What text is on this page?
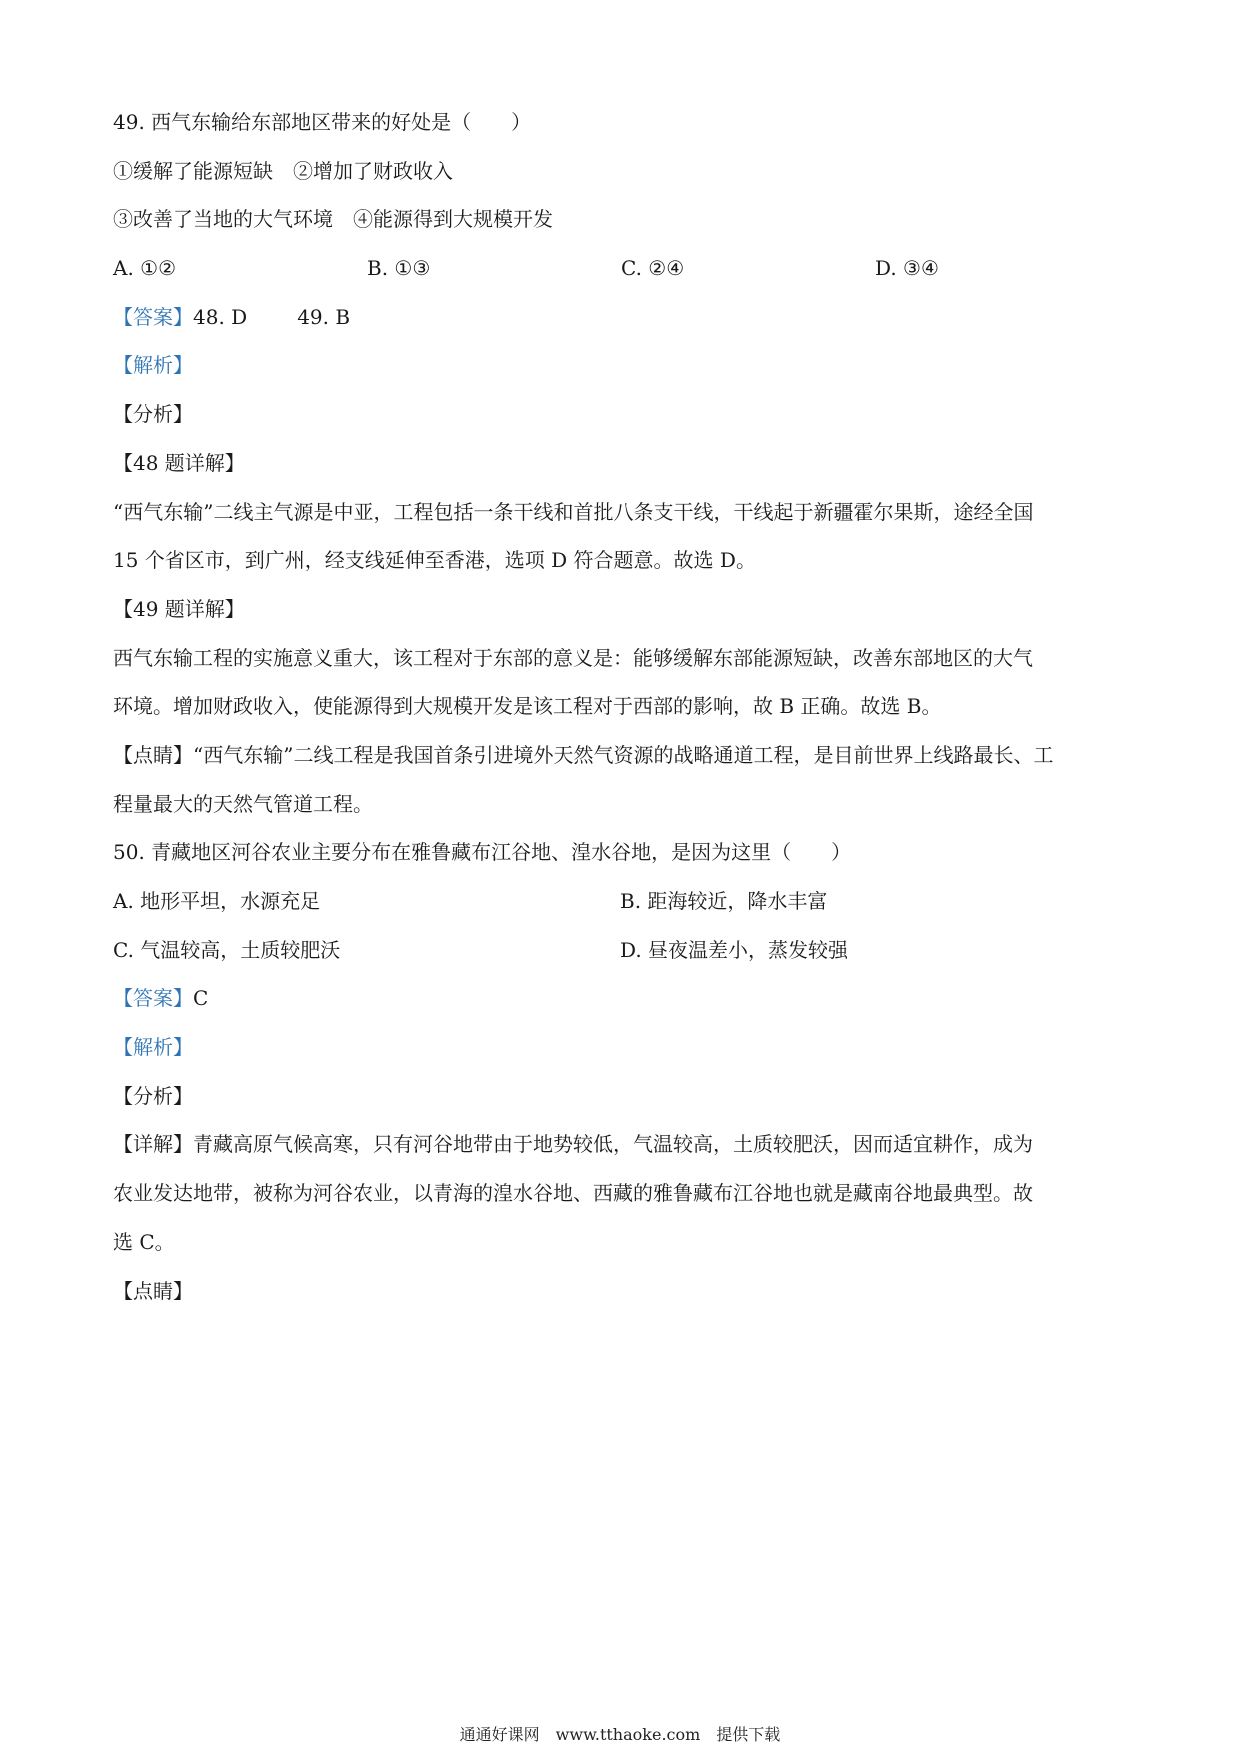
49. 西气东输给东部地区带来的好处是（　　）
①缓解了能源短缺　②增加了财政收入
③改善了当地的大气环境　④能源得到大规模开发
A. ①②	B. ①③	C. ②④	D. ③④
【答案】48. D	49. B
【解析】
【分析】
【48 题详解】
“西气东输”二线主气源是中亚，工程包括一条干线和首批八条支干线，干线起于新疆霍尔果斯，途经全国
15 个省区市，到广州，经支线延伸至香港，选项 D 符合题意。故选 D。
【49 题详解】
西气东输工程的实施意义重大，该工程对于东部的意义是：能够缓解东部能源短缺，改善东部地区的大气
环境。增加财政收入，使能源得到大规模开发是该工程对于西部的影响，故 B 正确。故选 B。
【点睛】“西气东输”二线工程是我国首条引进境外天然气资源的战略通道工程，是目前世界上线路最长、工
程量最大的天然气管道工程。
50. 青藏地区河谷农业主要分布在雅鲁藏布江谷地、湟水谷地，是因为这里（　　）
A. 地形平坦，水源充足	B. 距海较近，降水丰富
C. 气温较高，土质较肥沃	D. 昼夜温差小，蒸发较强
【答案】C
【解析】
【分析】
【详解】青藏高原气候高寒，只有河谷地带由于地势较低，气温较高，土质较肥沃，因而适宜耕作，成为
农业发达地带，被称为河谷农业，以青海的湟水谷地、西藏的雅鲁藏布江谷地也就是藏南谷地最典型。故
选 C。
【点睛】
通通好课网　www.tthaoke.com　提供下载
